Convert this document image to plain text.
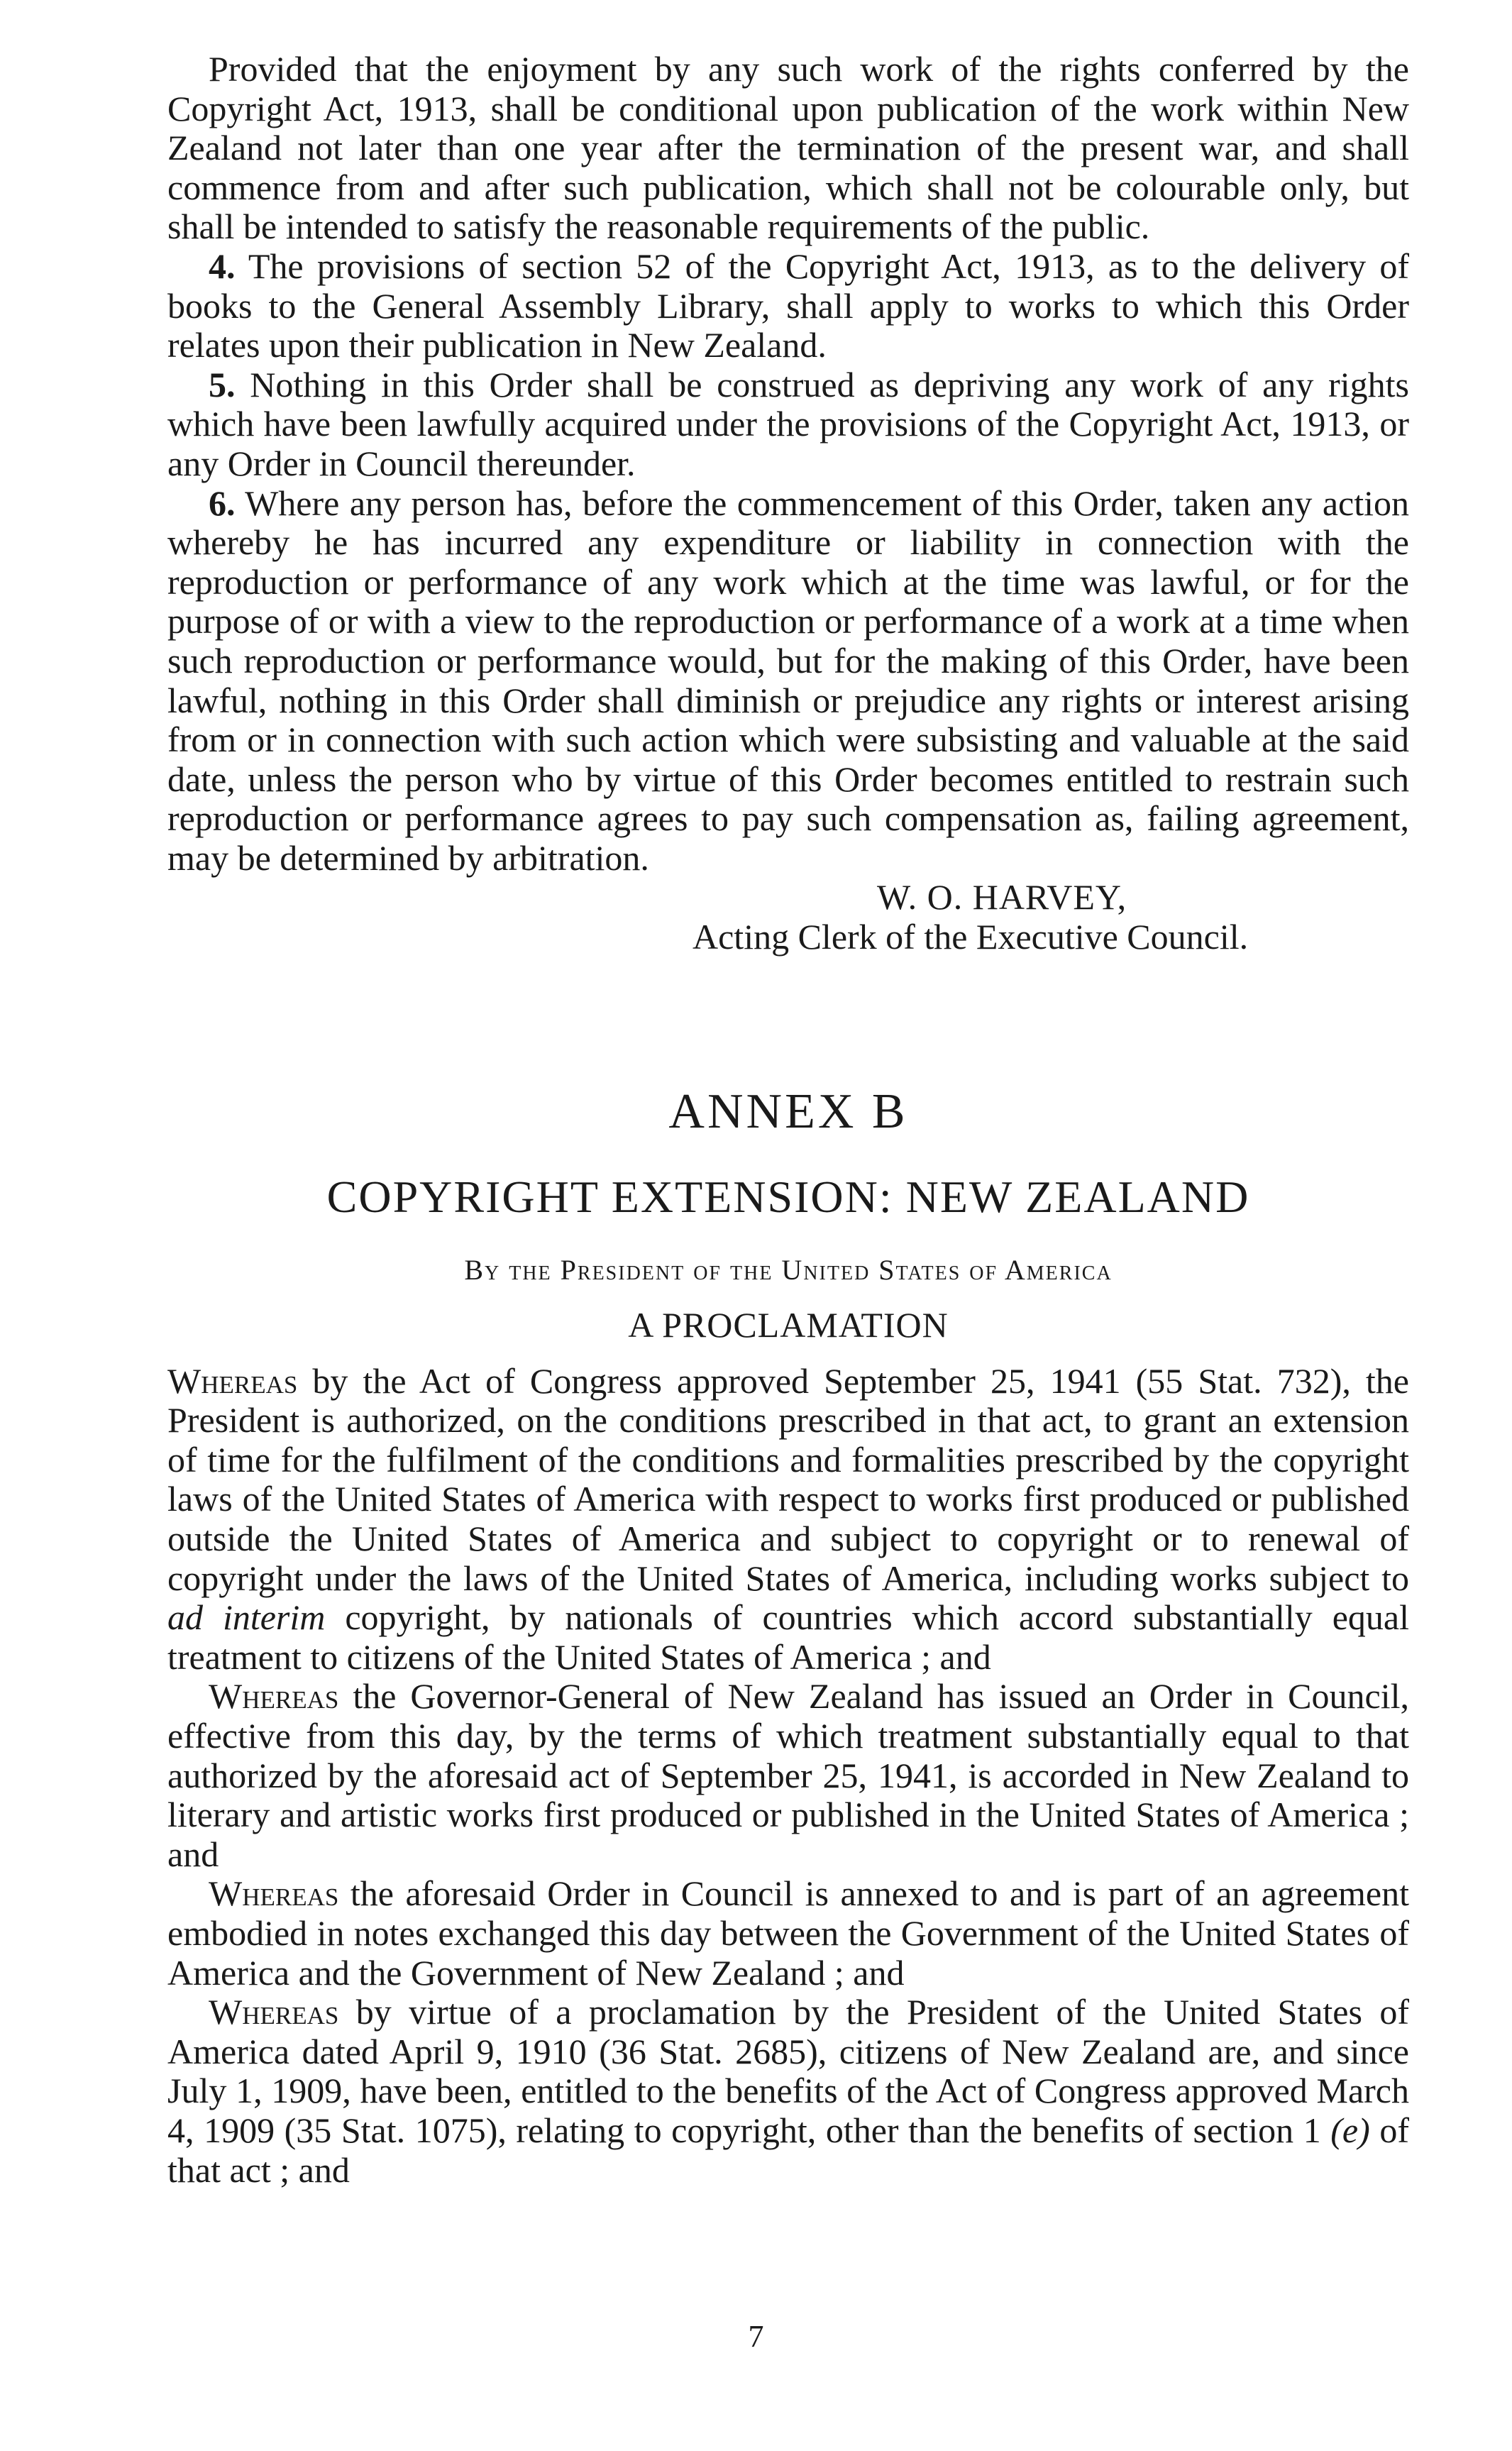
Provided that the enjoyment by any such work of the rights conferred by the Copyright Act, 1913, shall be conditional upon publication of the work within New Zealand not later than one year after the termination of the present war, and shall commence from and after such publication, which shall not be colourable only, but shall be intended to satisfy the reasonable requirements of the public.

4. The provisions of section 52 of the Copyright Act, 1913, as to the delivery of books to the General Assembly Library, shall apply to works to which this Order relates upon their publication in New Zealand.

5. Nothing in this Order shall be construed as depriving any work of any rights which have been lawfully acquired under the provisions of the Copyright Act, 1913, or any Order in Council thereunder.

6. Where any person has, before the commencement of this Order, taken any action whereby he has incurred any expenditure or liability in connection with the reproduction or performance of any work which at the time was lawful, or for the purpose of or with a view to the reproduction or performance of a work at a time when such reproduction or performance would, but for the making of this Order, have been lawful, nothing in this Order shall diminish or prejudice any rights or interest arising from or in connection with such action which were subsisting and valuable at the said date, unless the person who by virtue of this Order becomes entitled to restrain such reproduction or performance agrees to pay such compensation as, failing agreement, may be determined by arbitration.

W. O. HARVEY,

Acting Clerk of the Executive Council.

ANNEX B
COPYRIGHT EXTENSION: NEW ZEALAND
By the President of the United States of America
A PROCLAMATION

Whereas by the Act of Congress approved September 25, 1941 (55 Stat. 732), the President is authorized, on the conditions prescribed in that act, to grant an extension of time for the fulfilment of the conditions and formalities prescribed by the copyright laws of the United States of America with respect to works first produced or published outside the United States of America and subject to copyright or to renewal of copyright under the laws of the United States of America, including works subject to ad interim copyright, by nationals of countries which accord substantially equal treatment to citizens of the United States of America ; and

Whereas the Governor-General of New Zealand has issued an Order in Council, effective from this day, by the terms of which treatment substantially equal to that authorized by the aforesaid act of September 25, 1941, is accorded in New Zealand to literary and artistic works first produced or published in the United States of America ; and

Whereas the aforesaid Order in Council is annexed to and is part of an agreement embodied in notes exchanged this day between the Government of the United States of America and the Government of New Zealand ; and

Whereas by virtue of a proclamation by the President of the United States of America dated April 9, 1910 (36 Stat. 2685), citizens of New Zealand are, and since July 1, 1909, have been, entitled to the benefits of the Act of Congress approved March 4, 1909 (35 Stat. 1075), relating to copyright, other than the benefits of section 1 (e) of that act ; and

7
